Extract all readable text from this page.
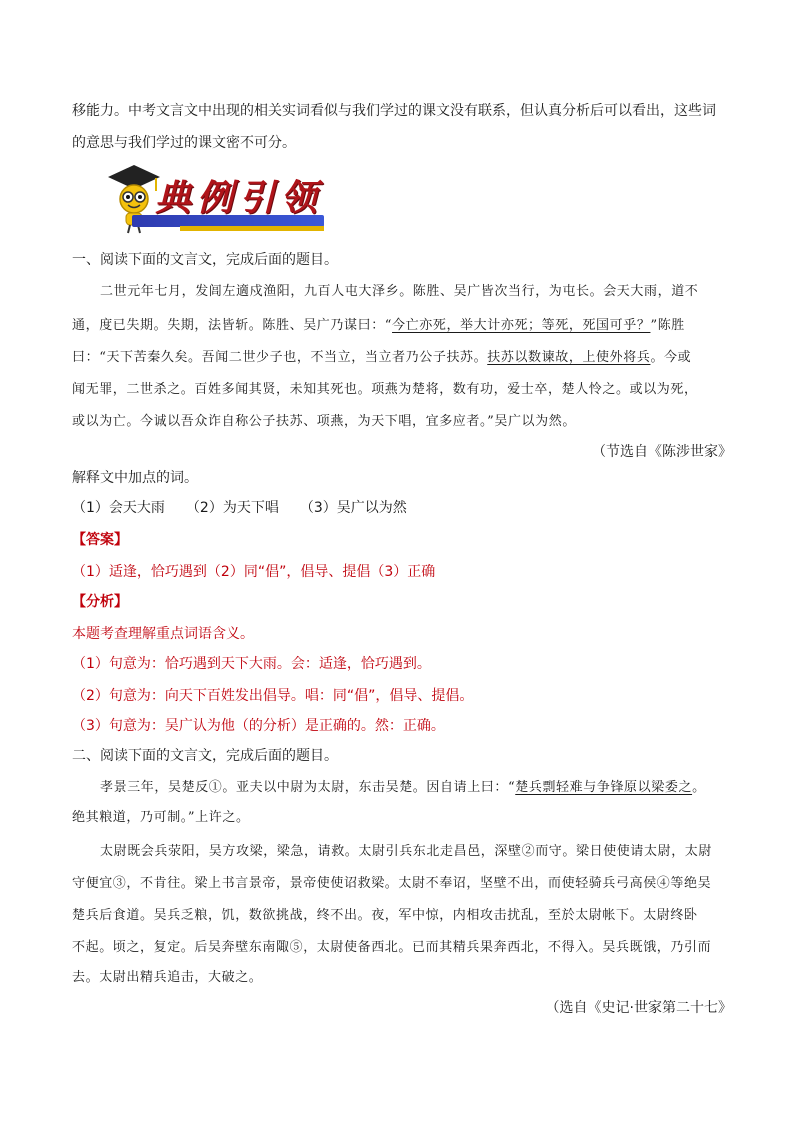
移能力。中考文言文中出现的相关实词看似与我们学过的课文没有联系，但认真分析后可以看出，这些词
的意思与我们学过的课文密不可分。
典例引领
一、阅读下面的文言文，完成后面的题目。
二世元年七月，发闾左適戍渔阳，九百人屯大泽乡。陈胜、吴广皆次当行，为屯长。会天大雨，道不
通，度已失期。失期，法皆斩。陈胜、吴广乃谋曰：“今亡亦死，举大计亦死；等死，死国可乎？”陈胜
曰：“天下苦秦久矣。吾闻二世少子也，不当立，当立者乃公子扶苏。扶苏以数谏故，上使外将兵。今或
闻无罪，二世杀之。百姓多闻其贤，未知其死也。项燕为楚将，数有功，爱士卒，楚人怜之。或以为死，
或以为亡。今诚以吾众诈自称公子扶苏、项燕，为天下唱，宜多应者。”吴广以为然。
（节选自《陈涉世家》
解释文中加点的词。
（1）会天大雨　　（2）为天下唱　　（3）吴广以为然
【答案】
（1）适逢，恰巧遇到（2）同“倡”，倡导、提倡（3）正确
【分析】
本题考查理解重点词语含义。
（1）句意为：恰巧遇到天下大雨。会：适逢，恰巧遇到。
（2）句意为：向天下百姓发出倡导。唱：同“倡”，倡导、提倡。
（3）句意为：吴广认为他（的分析）是正确的。然：正确。
二、阅读下面的文言文，完成后面的题目。
孝景三年，吴楚反①。亚夫以中尉为太尉，东击吴楚。因自请上曰：“楚兵剽轻难与争锋原以梁委之。
绝其粮道，乃可制。”上许之。
太尉既会兵荥阳，吴方攻梁，梁急，请救。太尉引兵东北走昌邑，深壁②而守。梁日使使请太尉，太尉
守便宜③，不肯往。梁上书言景帝，景帝使使诏救梁。太尉不奉诏，坚壁不出，而使轻骑兵弓高侯④等绝吴
楚兵后食道。吴兵乏粮，饥，数欲挑战，终不出。夜，军中惊，内相攻击扰乱，至於太尉帐下。太尉终卧
不起。顷之，复定。后吴奔壁东南陬⑤，太尉使备西北。已而其精兵果奔西北，不得入。吴兵既饿，乃引而
去。太尉出精兵追击，大破之。
（选自《史记·世家第二十七》
